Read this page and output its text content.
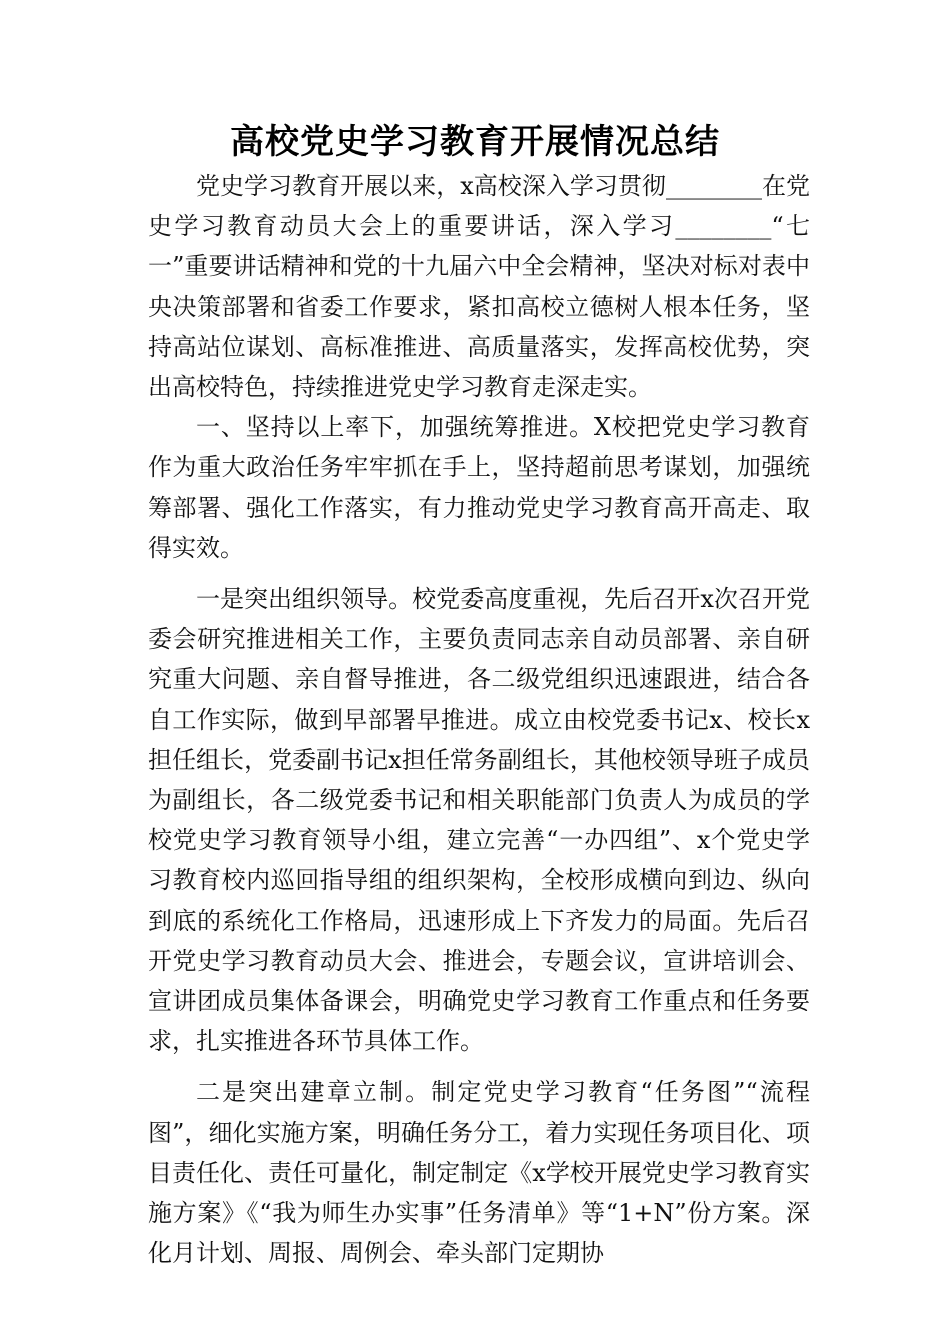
高校党史学习教育开展情况总结

党史学习教育开展以来，x高校深入学习贯彻________在党史学习教育动员大会上的重要讲话，深入学习________“七一”重要讲话精神和党的十九届六中全会精神，坚决对标对表中央决策部署和省委工作要求，紧扣高校立德树人根本任务，坚持高站位谋划、高标准推进、高质量落实，发挥高校优势，突出高校特色，持续推进党史学习教育走深走实。

一、坚持以上率下，加强统筹推进。X校把党史学习教育作为重大政治任务牢牢抓在手上，坚持超前思考谋划，加强统筹部署、强化工作落实，有力推动党史学习教育高开高走、取得实效。

一是突出组织领导。校党委高度重视，先后召开x次召开党委会研究推进相关工作，主要负责同志亲自动员部署、亲自研究重大问题、亲自督导推进，各二级党组织迅速跟进，结合各自工作实际，做到早部署早推进。成立由校党委书记x、校长x担任组长，党委副书记x担任常务副组长，其他校领导班子成员为副组长，各二级党委书记和相关职能部门负责人为成员的学校党史学习教育领导小组，建立完善“一办四组”、x个党史学习教育校内巡回指导组的组织架构，全校形成横向到边、纵向到底的系统化工作格局，迅速形成上下齐发力的局面。先后召开党史学习教育动员大会、推进会，专题会议，宣讲培训会、宣讲团成员集体备课会，明确党史学习教育工作重点和任务要求，扎实推进各环节具体工作。

二是突出建章立制。制定党史学习教育“任务图”“流程图”，细化实施方案，明确任务分工，着力实现任务项目化、项目责任化、责任可量化，制定制定《x学校开展党史学习教育实施方案》《“我为师生办实事”任务清单》等“1+N”份方案。深化月计划、周报、周例会、牵头部门定期协
